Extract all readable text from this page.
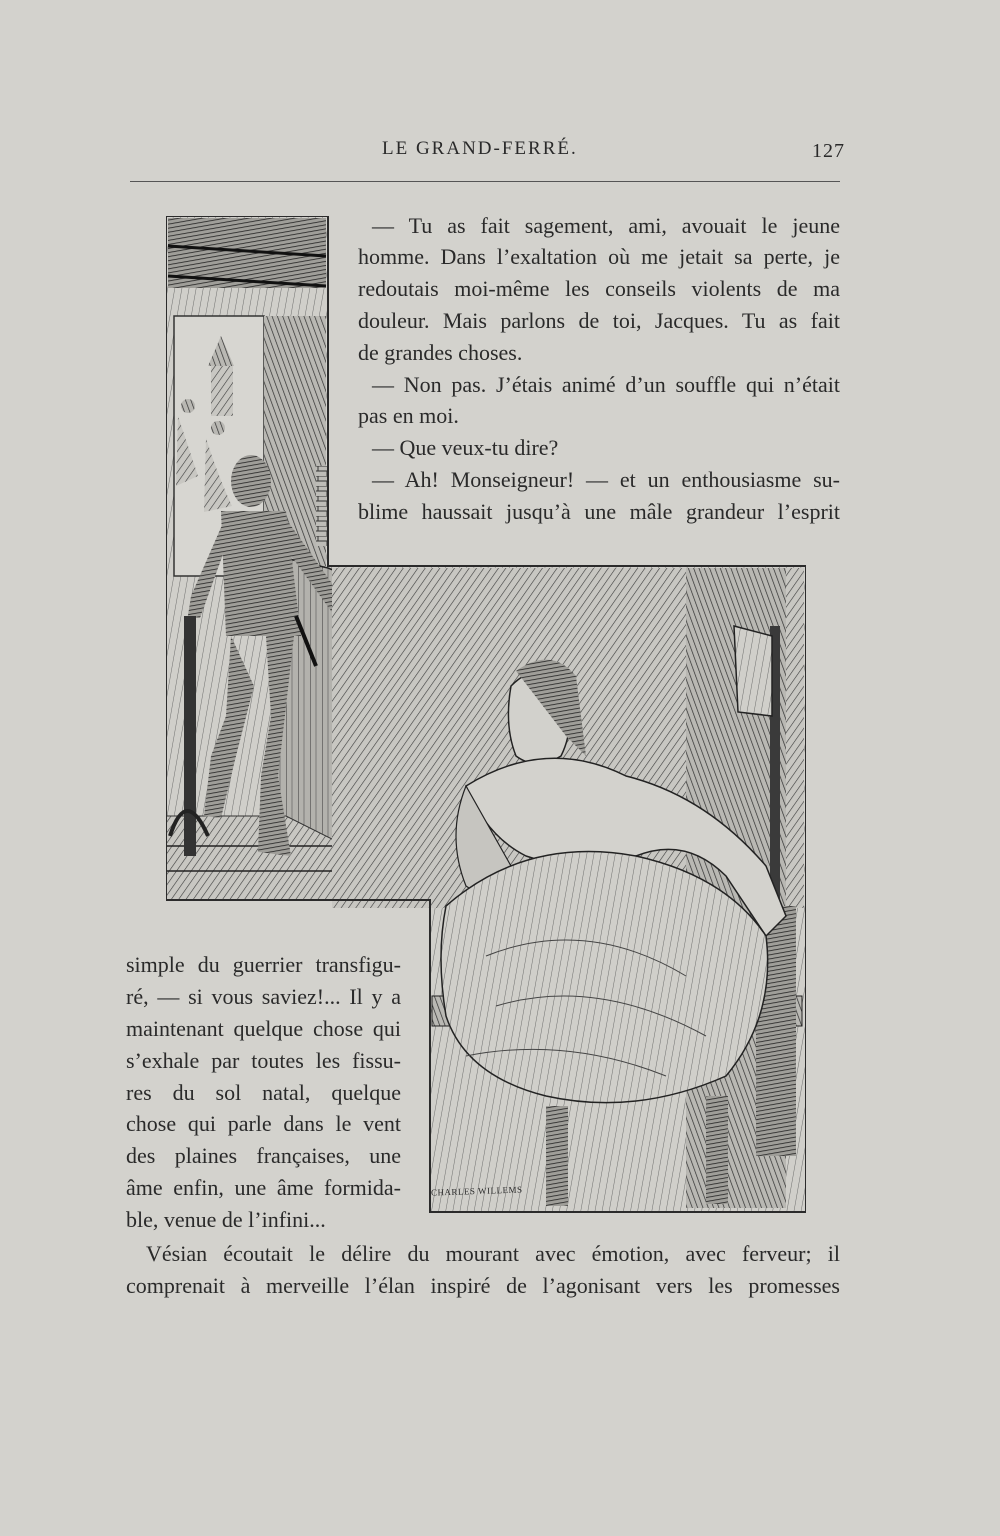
LE GRAND-FERRÉ.	127
— Tu as fait sagement, ami, avouait le jeune
homme. Dans l’exaltation où me jetait sa perte, je
redoutais moi-même les conseils violents de ma
douleur. Mais parlons de toi, Jacques. Tu as fait
de grandes choses.
— Non pas. J’étais animé d’un souffle qui n’était
pas en moi.
— Que veux-tu dire?
— Ah! Monseigneur! — et un enthousiasme su-
blime haussait jusqu’à une mâle grandeur l’esprit
simple du guerrier transfigu-
ré, — si vous saviez!... Il y a
maintenant quelque chose qui
s’exhale par toutes les fissu-
res du sol natal, quelque
chose qui parle dans le vent
des plaines françaises, une
âme enfin, une âme formida-
ble, venue de l’infini...
Vésian écoutait le délire du mourant avec émotion, avec ferveur; il
comprenait à merveille l’élan inspiré de l’agonisant vers les promesses
CHARLES WILLEMS
